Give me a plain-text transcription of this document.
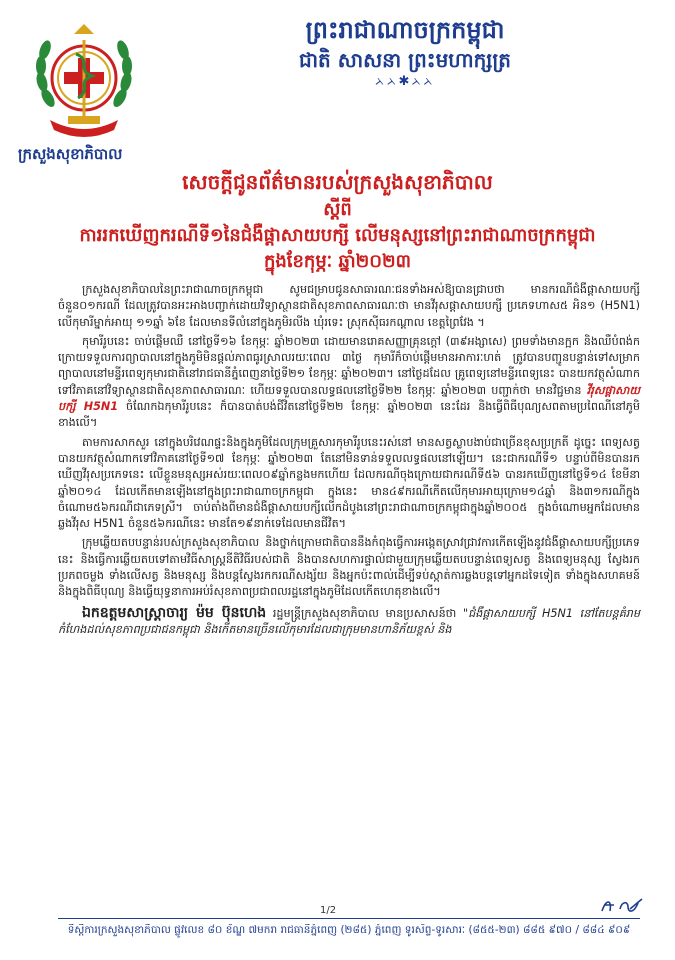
ក្រសួងសុខាភិបាល
ព្រះរាជាណាចក្រកម្ពុជា
ជាតិ សាសនា ព្រះមហាក្សត្រ
ᨂᨂ✱ᨂᨂ
សេចក្តីជូនព័ត៌មានរបស់ក្រសួងសុខាភិបាល
ស្តីពី
ការរកឃើញករណីទី១នៃជំងឺផ្តាសាយបក្សី លើមនុស្សនៅព្រះរាជាណាចក្រកម្ពុជា
ក្នុងខែកុម្ភៈ ឆ្នាំ២០២៣

ក្រសួងសុខាភិបាលនៃព្រះរាជាណាចក្រកម្ពុជា សូមជម្រាបជូនសាធារណៈជនទាំងអស់ឱ្យបានជ្រាបថា មានករណីជំងឺផ្តាសាយបក្សីចំនួន០១ករណី ដែលត្រូវបានអះអាងបញ្ជាក់ដោយវិទ្យាស្ថានជាតិសុខភាពសាធារណៈថា មានវីរុសផ្តាសាយបក្សី ប្រភេទហាស៥ អិន១ (H5N1) លើកុមារីម្នាក់អាយុ ១១ឆ្នាំ ៦ខែ ដែលមានទីលំនៅក្នុងភូមិរលីង ឃុំរទេះ ស្រុកស៊ីធរកណ្ដាល ខេត្តព្រៃវែង ។

កុមារីរូបនេះ ចាប់ផ្តើមឈឺ នៅថ្ងៃទី១៦ ខែកុម្ភៈ ឆ្នាំ២០២៣ ដោយមានរោគសញ្ញាគ្រុនក្តៅ (៣៩អង្សាសេ) ព្រមទាំងមានក្អក និងឈឺបំពង់ក ក្រោយទទួលការព្យាបាលនៅក្នុងភូមិមិនផ្តល់ភាពធូរស្រាលរយៈពេល ៣ថ្ងៃ កុមារីក៏ចាប់ផ្តើមមានអាការៈហត់ ត្រូវបានបញ្ជូនបន្ទាន់ទៅសម្រាកព្យាបាលនៅមន្ទីរពេទ្យកុមារជាតិនៅរាជធានីភ្នំពេញនាថ្ងៃទី២១ ខែកុម្ភៈ ឆ្នាំ២០២៣។ នៅថ្ងៃដដែល គ្រូពេទ្យនៅមន្ទីរពេទ្យនេះ បានយកវត្ថុសំណាកទៅវិភាគនៅវិទ្យាស្ថានជាតិសុខភាពសាធារណៈ ហើយទទួលបានលទ្ធផលនៅថ្ងៃទី២២ ខែកុម្ភៈ ឆ្នាំ២០២៣ បញ្ជាក់ថា មានវិជ្ជមាន វីរុសផ្តាសាយបក្សី H5N1 ចំណែកឯកុមារីរូបនេះ ក៏បានបាត់បង់ជីវិតនៅថ្ងៃទី២២ ខែកុម្ភៈ ឆ្នាំ២០២៣ នេះដែរ និងធ្វើពិធីបុណ្យសពតាមប្រពៃណីនៅភូមិខាងលើ។

តាមការសាកសួរ នៅក្នុងបរិវេណផ្ទះនិងក្នុងភូមិដែលក្រុមគ្រួសារកុមារីរូបនេះរស់នៅ មានសត្វស្លាបងាប់ជាច្រើនខុសប្រក្រតី ដូច្នេះ ពេទ្យសត្វ បានយកវត្ថុសំណាកទៅវិភាគនៅថ្ងៃទី១៧ ខែកុម្ភៈ ឆ្នាំ២០២៣ តែនៅមិនទាន់ទទួលលទ្ធផលនៅឡើយ។ នេះជាករណីទី១ បន្ទាប់ពីមិនបានរកឃើញវីរុសប្រភេទនេះ លើខ្លួនមនុស្សអស់រយៈពេល០៩ឆ្នាំកន្លងមកហើយ ដែលករណីចុងក្រោយជាករណីទី៥៦ បានរកឃើញនៅថ្ងៃទី១៤ ខែមីនា ឆ្នាំ២០១៤ ដែលកើតមានឡើងនៅក្នុងព្រះរាជាណាចក្រកម្ពុជា ក្នុងនេះ មាន៤៩ករណីកើតលើកុមារអាយុក្រោម១៤ឆ្នាំ និង៣១ករណីក្នុងចំណោម៥៦ករណីជាភេទស្រី។ ចាប់តាំងពីមានជំងឺផ្តាសាយបក្សីលើកដំបូងនៅព្រះរាជាណាចក្រកម្ពុជាក្នុងឆ្នាំ២០០៥ ក្នុងចំណោមអ្នកដែលមានឆ្លងវីរុស H5N1 ចំនួន៥៦ករណីនេះ មានតែ១៩នាក់ទេដែលមានជីវិត។

ក្រុមឆ្លើយតបបន្ទាន់របស់ក្រសួងសុខាភិបាល និងថ្នាក់ក្រោមជាតិបាននឹងកំពុងធ្វើការអង្កេតស្រាវជ្រាវការកើតឡើងនូវជំងឺផ្តាសាយបក្សីប្រភេទនេះ និងធ្វើការឆ្លើយតបទៅតាមវិធីសាស្ត្រនីតិវិធីរបស់ជាតិ និងបានសហការផ្ទាល់ជាមួយក្រុមឆ្លើយតបបន្ទាន់ពេទ្យសត្វ និងពេទ្យមនុស្ស ស្វែងរកប្រភពចម្លង ទាំងលើសត្វ និងមនុស្ស និងបន្តស្វែងរកករណីសង្ស័យ និងអ្នកប៉ះពាល់ដើម្បីទប់ស្កាត់ការឆ្លងបន្តទៅអ្នកដទៃទៀត ទាំងក្នុងសហគមន៍ និងក្នុងពិធីបុណ្យ និងធ្វើយុទ្ធនាការអប់រំសុខភាពប្រជាពលរដ្ឋនៅក្នុងភូមិដែលកើតហេតុខាងលើ។

ឯកឧត្តមសាស្ត្រាចារ្យ ម៉ម ប៊ុនហេង រដ្ឋមន្ត្រីក្រសួងសុខាភិបាល មានប្រសាសន៍ថា "ជំងឺផ្តាសាយបក្សី H5N1 នៅតែបន្តគំរាមកំហែងដល់សុខភាពប្រជាជនកម្ពុជា និងកើតមានច្រើនលើកុមារដែលជាក្រុមមានហានិភ័យខ្ពស់ និង

1/2
ទីស្តីការក្រសួងសុខាភិបាល ផ្លូវលេខ ៨០ ខ័ណ្ឌ ៧មករា រាជធានីភ្នំពេញ (២៨៥) ភ្នំពេញ ទូរស័ព្ទ-ទូរសារៈ (៨៥៥-២៣) ៨៨៥ ៩៧០ / ៨៨៤ ៩០៩
